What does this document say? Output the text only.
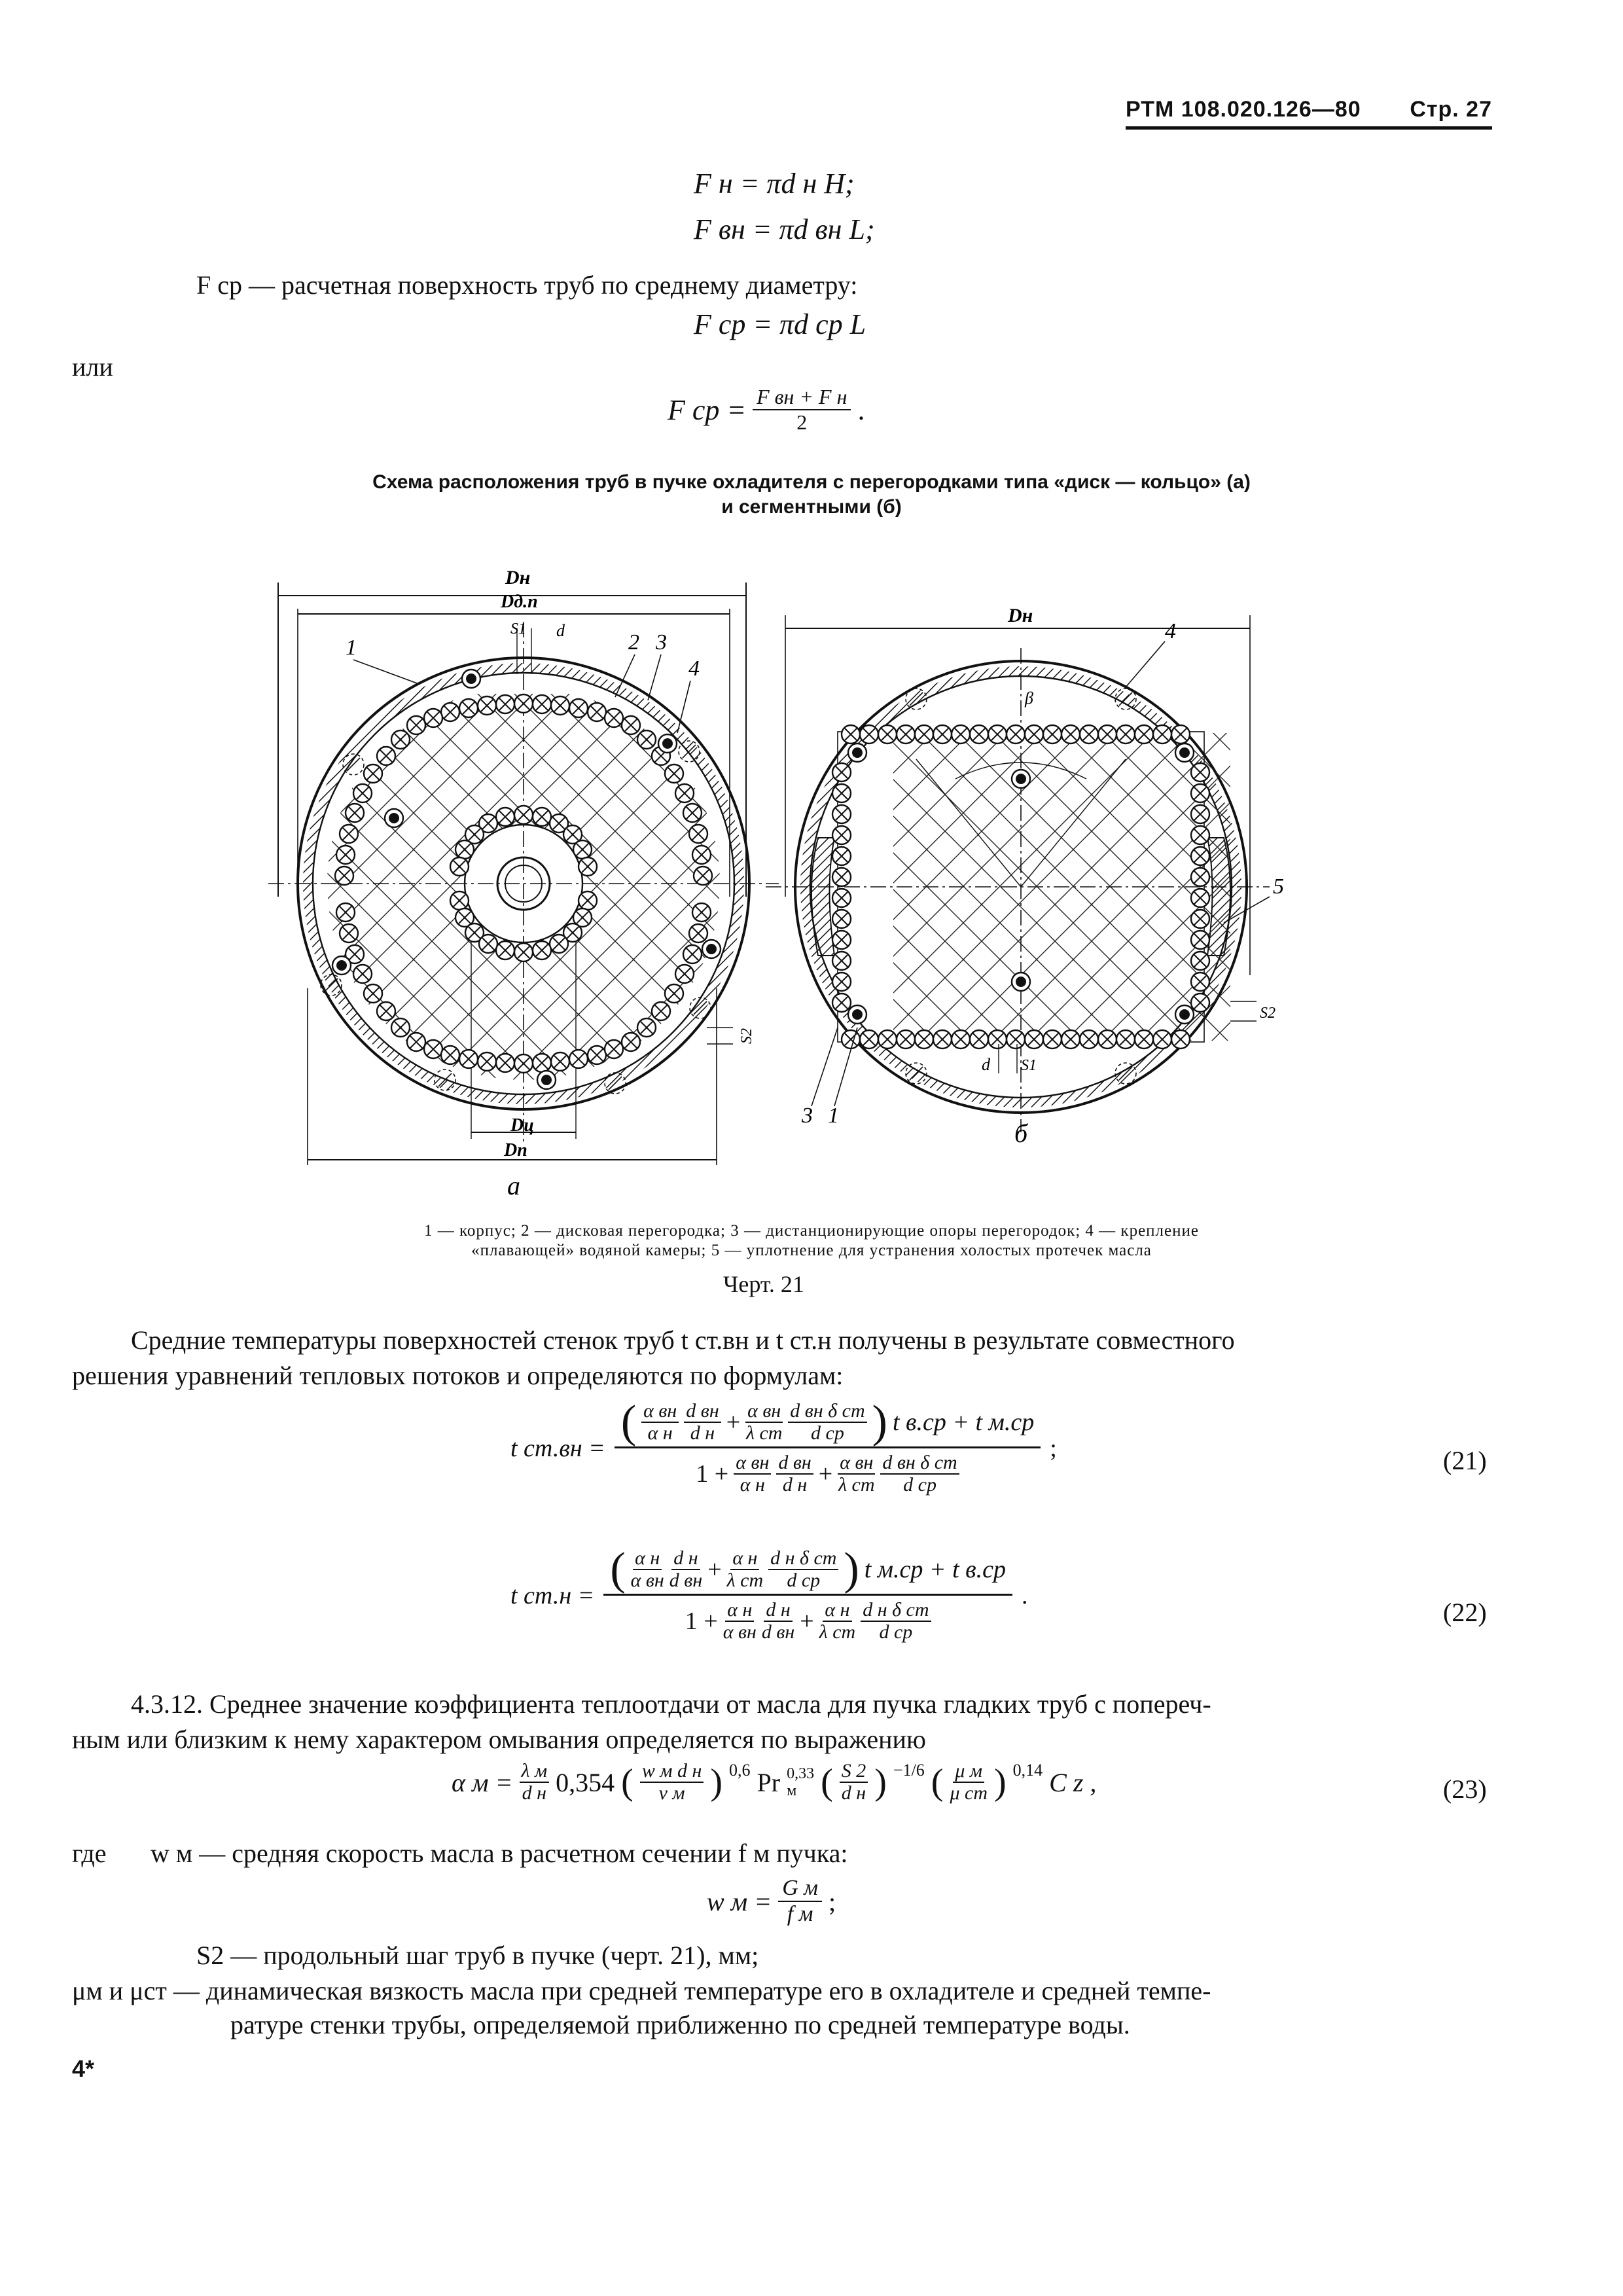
РТМ 108.020.126—80 Стр. 27
F н = πd н H;
F вн = πd вн L;
F ср — расчетная поверхность труб по среднему диаметру:
F ср = πd ср L
или
F ср = $\frac{\text{F вн + F н}}{2}$ .
Схема расположения труб в пучке охладителя с перегородками типа «диск — кольцо» (а)
и сегментными (б)
Dн
Dд.п
S1 d
1	2 3
4
Dц
Dп
S2
а
Dн
4
β
5
3 1
d S1
S2
б
1 — корпус; 2 — дисковая перегородка; 3 — дистанционирующие опоры перегородок; 4 — крепление
«плавающей» водяной камеры; 5 — уплотнение для устранения холостых протечек масла
Черт. 21
Средние температуры поверхностей стенок труб t ст.вн и t ст.н получены в результате совместного
решения уравнений тепловых потоков и определяются по формулам:
t ст.вн =
( $\frac{\text{α вн}}{\text{α н}} \frac{\text{d вн}}{\text{d н}} + \frac{\text{α вн}}{\text{λ ст}} \frac{\text{d вн δ ст}}{\text{d ср}}$ ) t в.ср + t м.ср
$1 + \frac{\text{α вн}}{\text{α н}} \frac{\text{d вн}}{\text{d н}} + \frac{\text{α вн}}{\text{λ ст}} \frac{\text{d вн δ ст}}{\text{d ср}}$
;	(21)
t ст.н =
( $\frac{\text{α н}}{\text{α вн}} \frac{\text{d н}}{\text{d вн}} + \frac{\text{α н}}{\text{λ ст}} \frac{\text{d н δ ст}}{\text{d ср}}$ ) t м.ср + t в.ср
$1 + \frac{\text{α н}}{\text{α вн}} \frac{\text{d н}}{\text{d вн}} + \frac{\text{α н}}{\text{λ ст}} \frac{\text{d н δ ст}}{\text{d ср}}$
.
(22)
4.3.12. Среднее значение коэффициента теплоотдачи от масла для пучка гладких труб с попереч-
ным или близким к нему характером омывания определяется по выражению
α $м = \frac{\text{λ м}}{\text{d н}} 0,354$ ( $\frac{\text{w м d н}}{\text{ν м}}$ ) $^{0,6}$ Pr 0,33
м ( $\frac{S 2}{\text{d н}}$ ) $^{-1/6}$ ( $\frac{\text{μ м}}{\text{μ ст}}$ ) $^{0,14}$ C z ,	(23)
где w м — средняя скорость масла в расчетном сечении f м пучка:
w $м = \frac{\text{G м}}{\text{f м}}$ ;
S2 — продольный шаг труб в пучке (черт. 21), мм;
μм и μст — динамическая вязкость масла при средней температуре его в охладителе и средней темпе-
ратуре стенки трубы, определяемой приближенно по средней температуре воды.
4*
